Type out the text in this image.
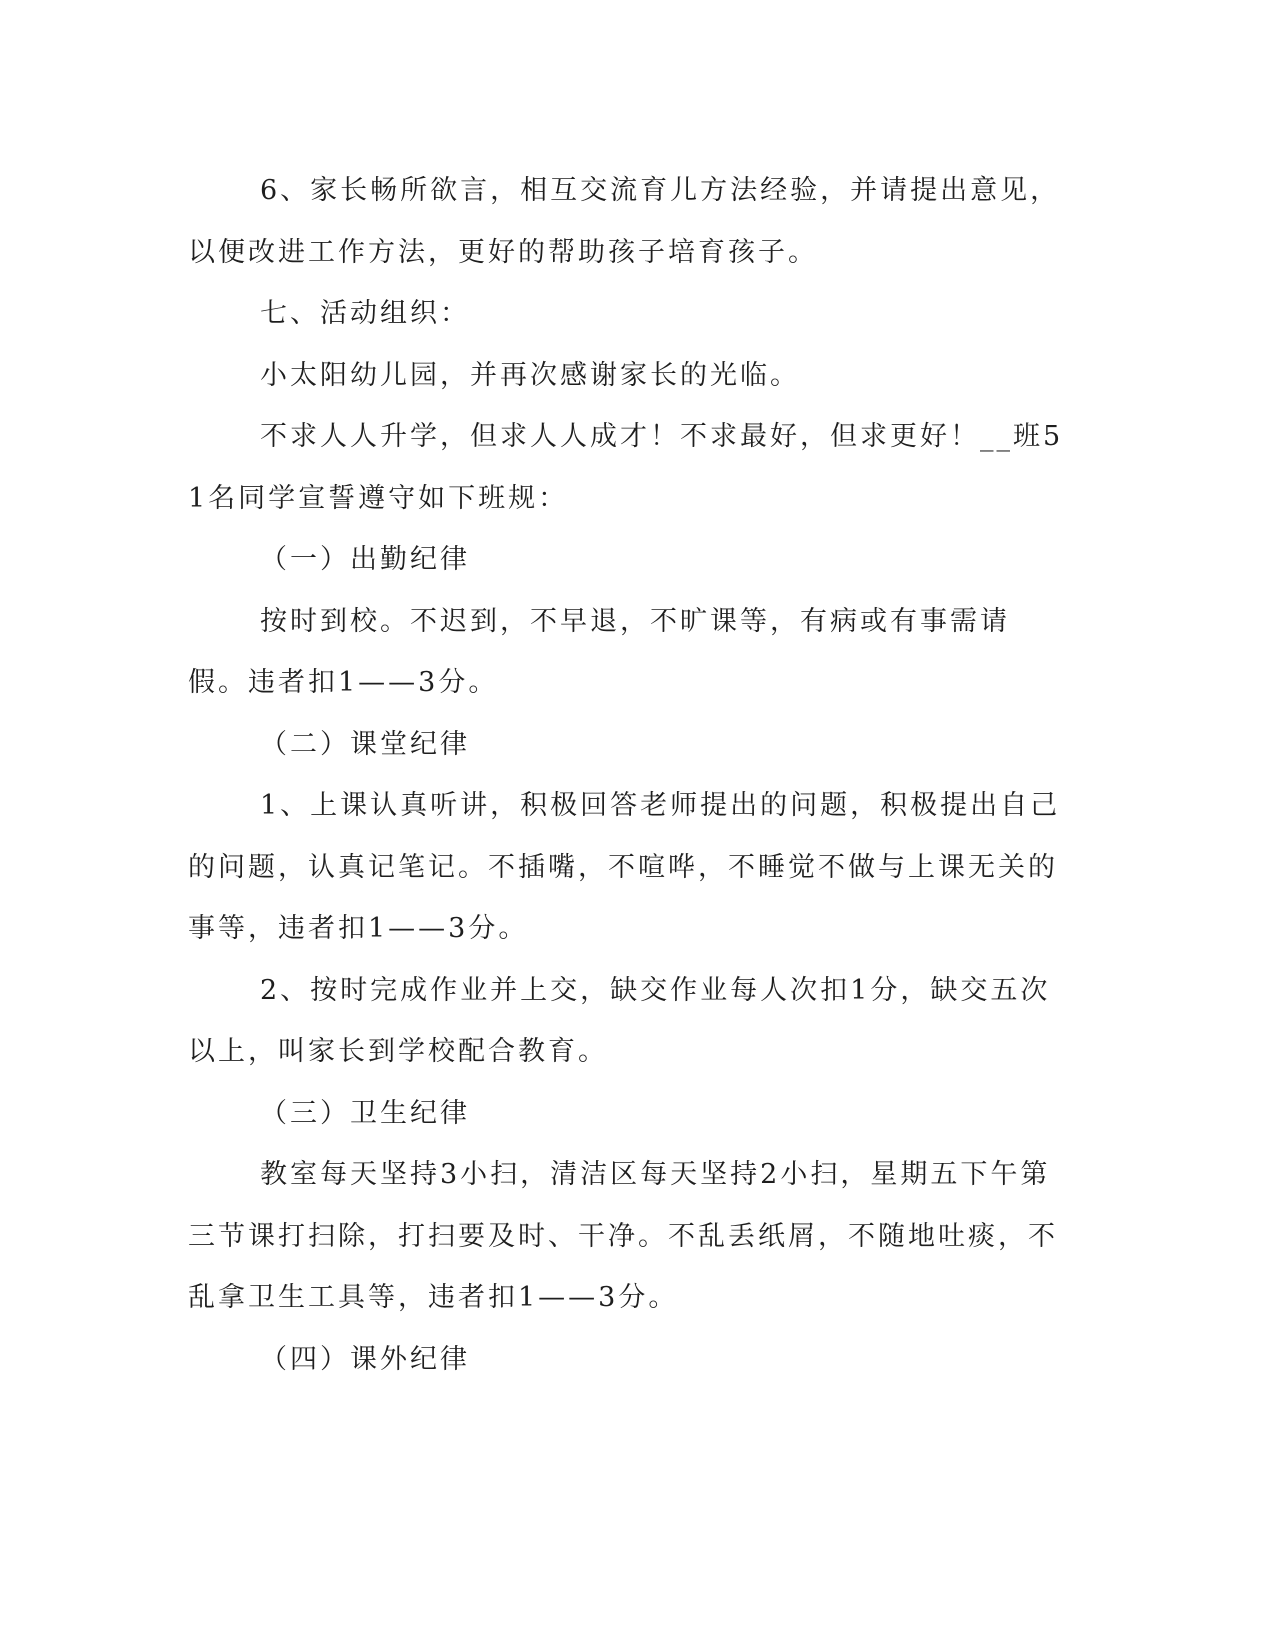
6、家长畅所欲言，相互交流育儿方法经验，并请提出意见，以便改进工作方法，更好的帮助孩子培育孩子。

七、活动组织：

小太阳幼儿园，并再次感谢家长的光临。

不求人人升学，但求人人成才！不求最好，但求更好！__班51名同学宣誓遵守如下班规：

（一）出勤纪律

按时到校。不迟到，不早退，不旷课等，有病或有事需请假。违者扣1——3分。

（二）课堂纪律

1、上课认真听讲，积极回答老师提出的问题，积极提出自己的问题，认真记笔记。不插嘴，不喧哗，不睡觉不做与上课无关的事等，违者扣1——3分。

2、按时完成作业并上交，缺交作业每人次扣1分，缺交五次以上，叫家长到学校配合教育。

（三）卫生纪律

教室每天坚持3小扫，清洁区每天坚持2小扫，星期五下午第三节课打扫除，打扫要及时、干净。不乱丢纸屑，不随地吐痰，不乱拿卫生工具等，违者扣1——3分。

（四）课外纪律
